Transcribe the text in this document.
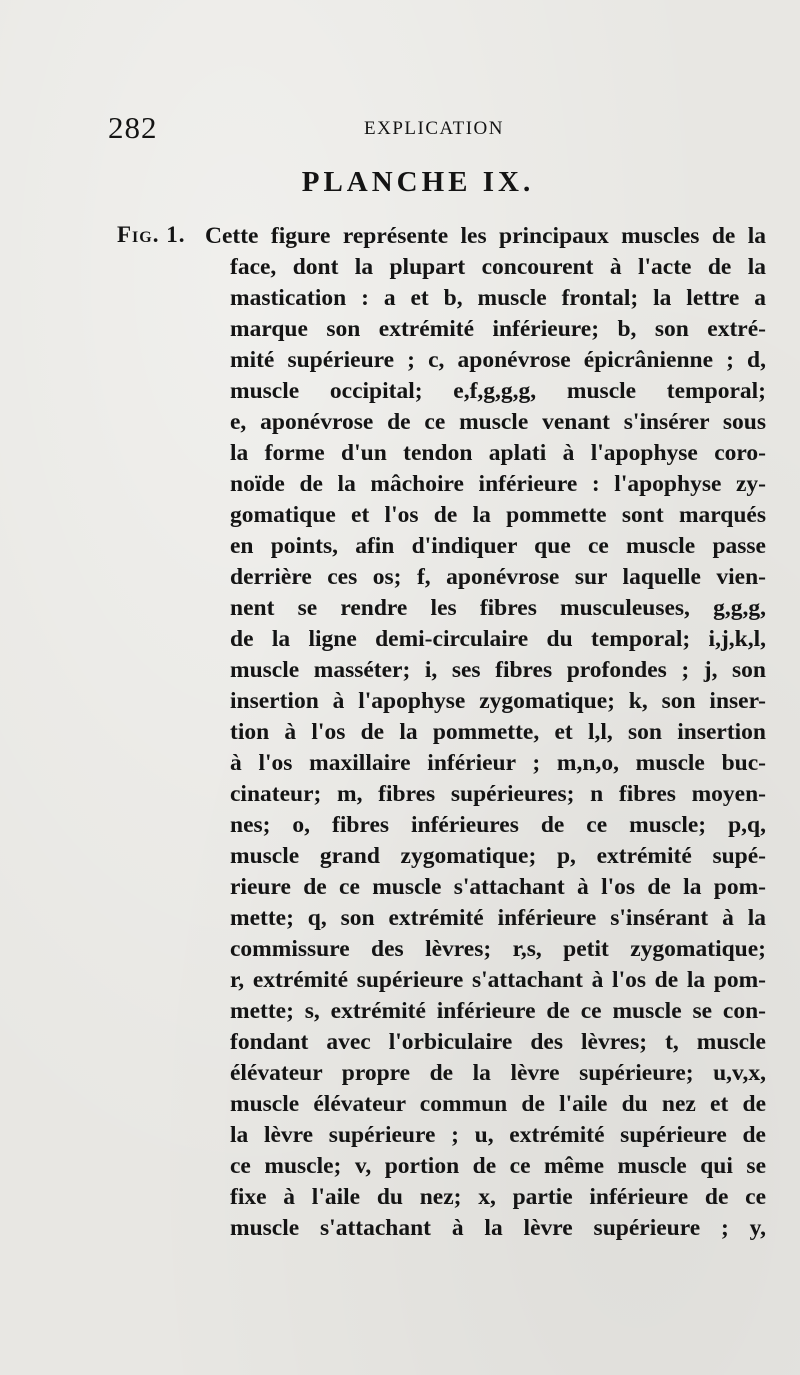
282	EXPLICATION
PLANCHE IX.
Fig. 1. Cette figure représente les principaux muscles de la
face, dont la plupart concourent à l'acte de la
mastication : a et b, muscle frontal; la lettre a
marque son extrémité inférieure; b, son extré-
mité supérieure ; c, aponévrose épicrânienne ; d,
muscle occipital; e,f,g,g,g, muscle temporal;
e, aponévrose de ce muscle venant s'insérer sous
la forme d'un tendon aplati à l'apophyse coro-
noïde de la mâchoire inférieure : l'apophyse zy-
gomatique et l'os de la pommette sont marqués
en points, afin d'indiquer que ce muscle passe
derrière ces os; f, aponévrose sur laquelle vien-
nent se rendre les fibres musculeuses, g,g,g,
de la ligne demi-circulaire du temporal; i,j,k,l,
muscle masséter; i, ses fibres profondes ; j, son
insertion à l'apophyse zygomatique; k, son inser-
tion à l'os de la pommette, et l,l, son insertion
à l'os maxillaire inférieur ; m,n,o, muscle buc-
cinateur; m, fibres supérieures; n fibres moyen-
nes; o, fibres inférieures de ce muscle; p,q,
muscle grand zygomatique; p, extrémité supé-
rieure de ce muscle s'attachant à l'os de la pom-
mette; q, son extrémité inférieure s'insérant à la
commissure des lèvres; r,s, petit zygomatique;
r, extrémité supérieure s'attachant à l'os de la pom-
mette; s, extrémité inférieure de ce muscle se con-
fondant avec l'orbiculaire des lèvres; t, muscle
élévateur propre de la lèvre supérieure; u,v,x,
muscle élévateur commun de l'aile du nez et de
la lèvre supérieure ; u, extrémité supérieure de
ce muscle; v, portion de ce même muscle qui se
fixe à l'aile du nez; x, partie inférieure de ce
muscle s'attachant à la lèvre supérieure ; y,
